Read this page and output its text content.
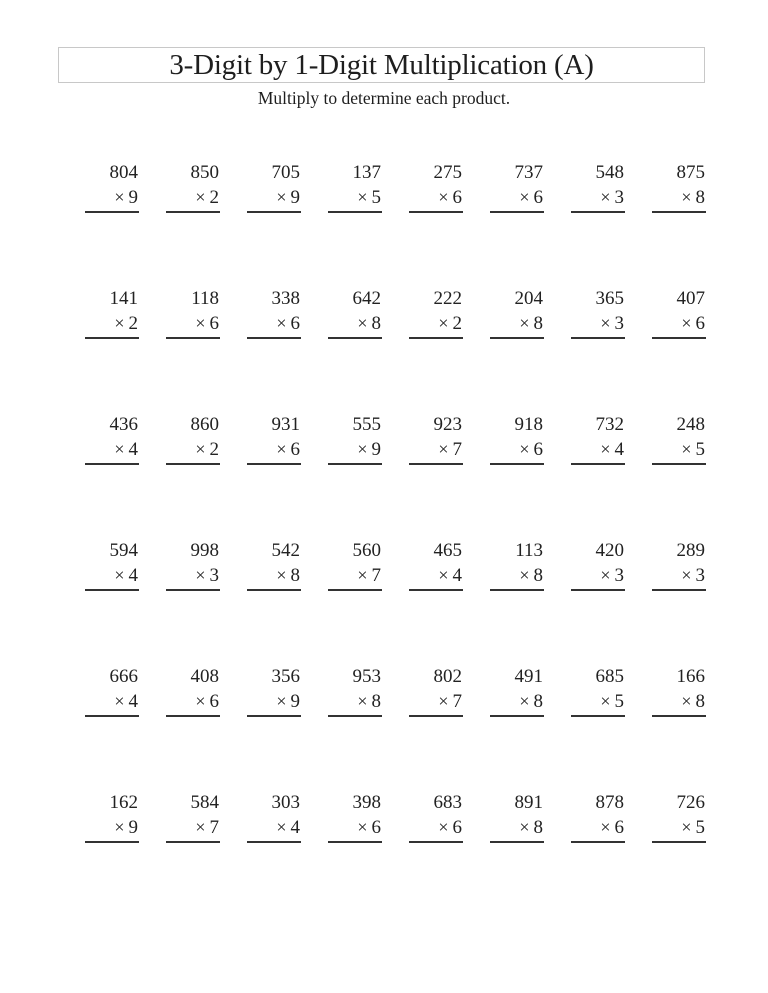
3-Digit by 1-Digit Multiplication (A)
Multiply to determine each product.
804
× 9
850
× 2
705
× 9
137
× 5
275
× 6
737
× 6
548
× 3
875
× 8
141
× 2
118
× 6
338
× 6
642
× 8
222
× 2
204
× 8
365
× 3
407
× 6
436
× 4
860
× 2
931
× 6
555
× 9
923
× 7
918
× 6
732
× 4
248
× 5
594
× 4
998
× 3
542
× 8
560
× 7
465
× 4
113
× 8
420
× 3
289
× 3
666
× 4
408
× 6
356
× 9
953
× 8
802
× 7
491
× 8
685
× 5
166
× 8
162
× 9
584
× 7
303
× 4
398
× 6
683
× 6
891
× 8
878
× 6
726
× 5
